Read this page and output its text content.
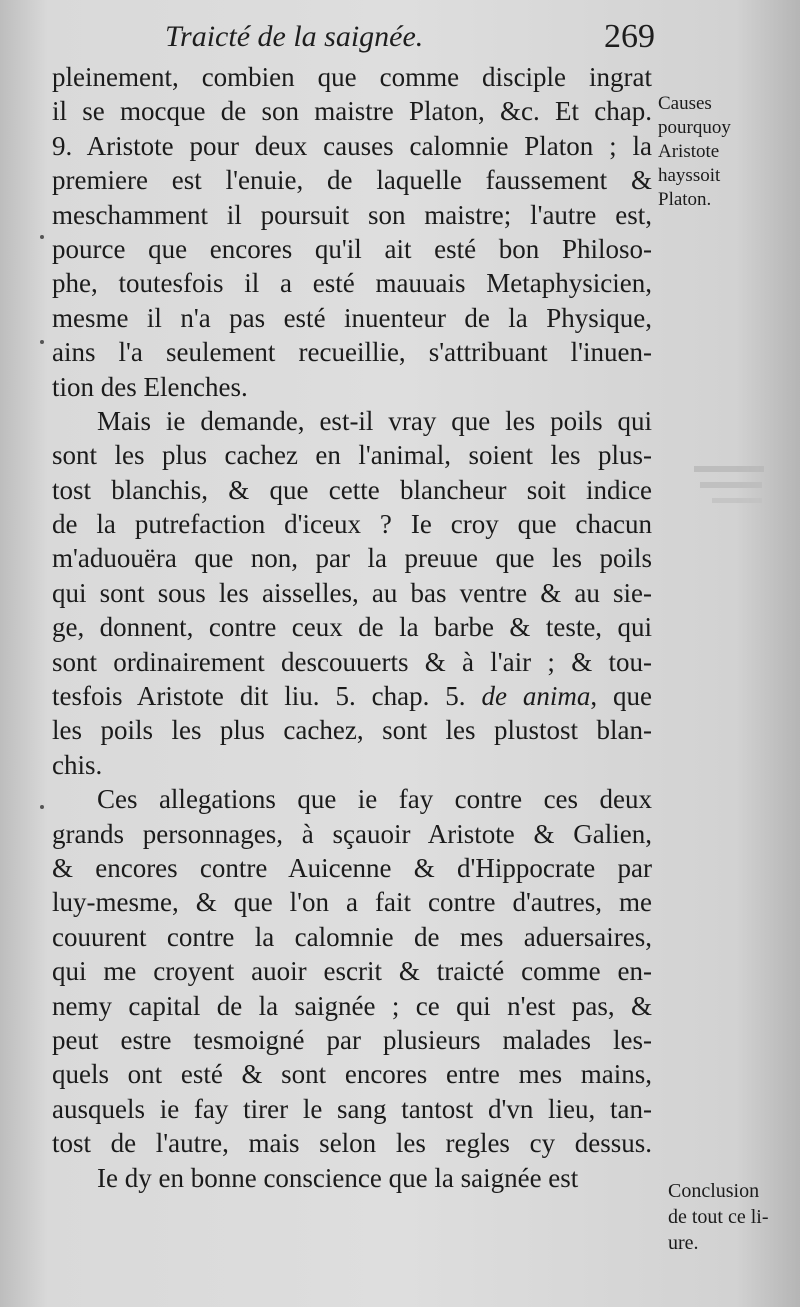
Traicté de la saignée.	269
pleinement, combien que comme disciple ingrat
il se mocque de son maistre Platon, &c. Et chap.
9. Aristote pour deux causes calomnie Platon ; la
premiere est l'enuie, de laquelle faussement &
meschamment il poursuit son maistre; l'autre est,
pource que encores qu'il ait esté bon Philoso-
phe, toutesfois il a esté mauuais Metaphysicien,
mesme il n'a pas esté inuenteur de la Physique,
ains l'a seulement recueillie, s'attribuant l'inuen-
tion des Elenches.
Mais ie demande, est-il vray que les poils qui
sont les plus cachez en l'animal, soient les plus-
tost blanchis, & que cette blancheur soit indice
de la putrefaction d'iceux ? Ie croy que chacun
m'aduouëra que non, par la preuue que les poils
qui sont sous les aisselles, au bas ventre & au sie-
ge, donnent, contre ceux de la barbe & teste, qui
sont ordinairement descouuerts & à l'air ; & tou-
tesfois Aristote dit liu. 5. chap. 5. de anima, que
les poils les plus cachez, sont les plustost blan-
chis.
Ces allegations que ie fay contre ces deux
grands personnages, à sçauoir Aristote & Galien,
& encores contre Auicenne & d'Hippocrate par
luy-mesme, & que l'on a fait contre d'autres, me
couurent contre la calomnie de mes aduersaires,
qui me croyent auoir escrit & traicté comme en-
nemy capital de la saignée ; ce qui n'est pas, &
peut estre tesmoigné par plusieurs malades les-
quels ont esté & sont encores entre mes mains,
ausquels ie fay tirer le sang tantost d'vn lieu, tan-
tost de l'autre, mais selon les regles cy dessus.
Ie dy en bonne conscience que la saignée est
Causes
pourquoy
Aristote
hayssoit
Platon.
Conclusion
de tout ce li-
ure.
